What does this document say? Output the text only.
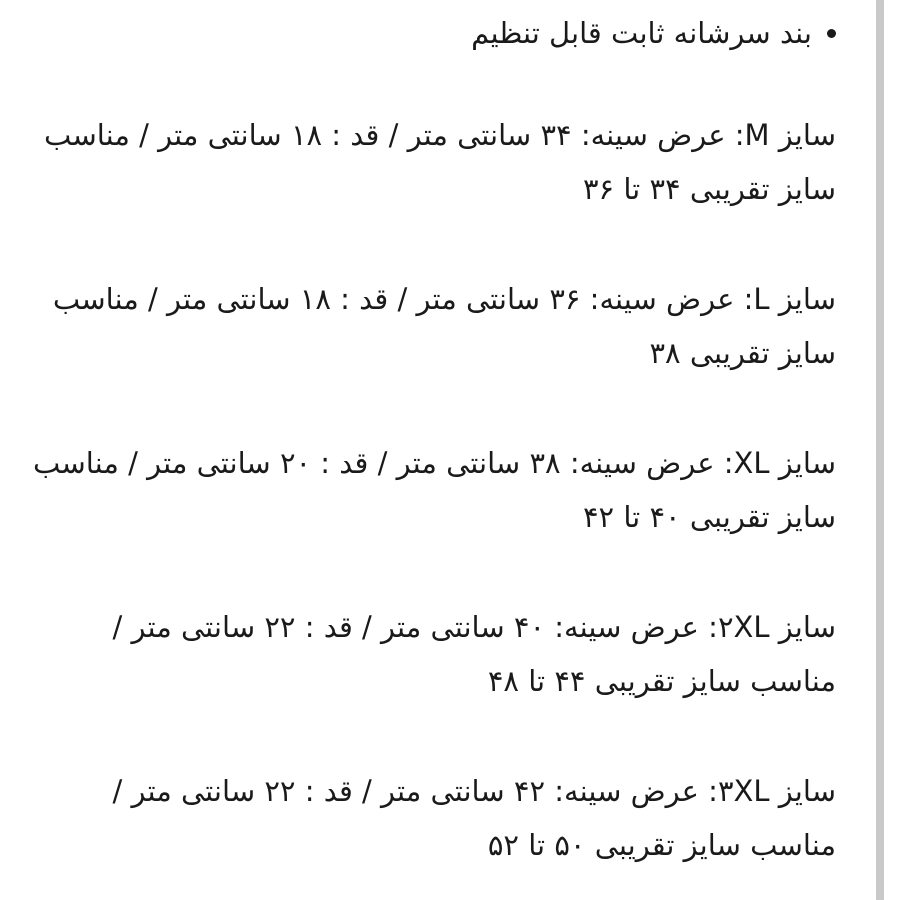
بند سرشانه ثابت قابل تنظیم

سایز M: عرض سینه: ۳۴ سانتی متر / قد : ۱۸ سانتی متر / مناسب
سایز تقریبی ۳۴ تا ۳۶

سایز L: عرض سینه: ۳۶ سانتی متر / قد : ۱۸ سانتی متر / مناسب
سایز تقریبی ۳۸

سایز XL: عرض سینه: ۳۸ سانتی متر / قد : ۲۰ سانتی متر / مناسب
سایز تقریبی ۴۰ تا ۴۲

سایز ۲XL: عرض سینه: ۴۰ سانتی متر / قد : ۲۲ سانتی متر /
مناسب سایز تقریبی ۴۴ تا ۴۸

سایز ۳XL: عرض سینه: ۴۲ سانتی متر / قد : ۲۲ سانتی متر /
مناسب سایز تقریبی ۵۰ تا ۵۲
